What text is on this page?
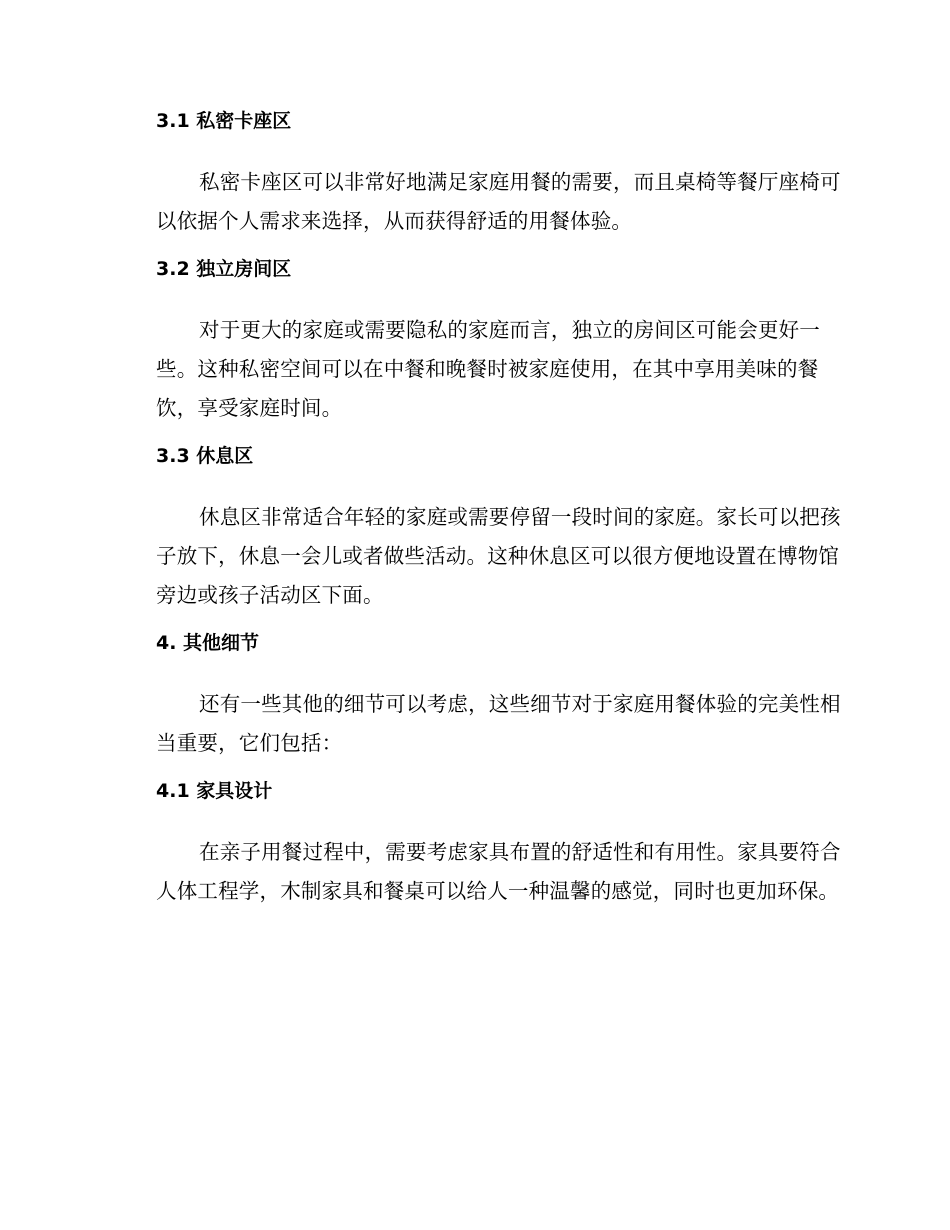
3.1 私密卡座区
私密卡座区可以非常好地满足家庭用餐的需要，而且桌椅等餐厅座椅可
以依据个人需求来选择，从而获得舒适的用餐体验。
3.2 独立房间区
对于更大的家庭或需要隐私的家庭而言，独立的房间区可能会更好一
些。这种私密空间可以在中餐和晚餐时被家庭使用，在其中享用美味的餐
饮，享受家庭时间。
3.3 休息区
休息区非常适合年轻的家庭或需要停留一段时间的家庭。家长可以把孩
子放下，休息一会儿或者做些活动。这种休息区可以很方便地设置在博物馆
旁边或孩子活动区下面。
4. 其他细节
还有一些其他的细节可以考虑，这些细节对于家庭用餐体验的完美性相
当重要，它们包括：
4.1 家具设计
在亲子用餐过程中，需要考虑家具布置的舒适性和有用性。家具要符合
人体工程学，木制家具和餐桌可以给人一种温馨的感觉，同时也更加环保。
